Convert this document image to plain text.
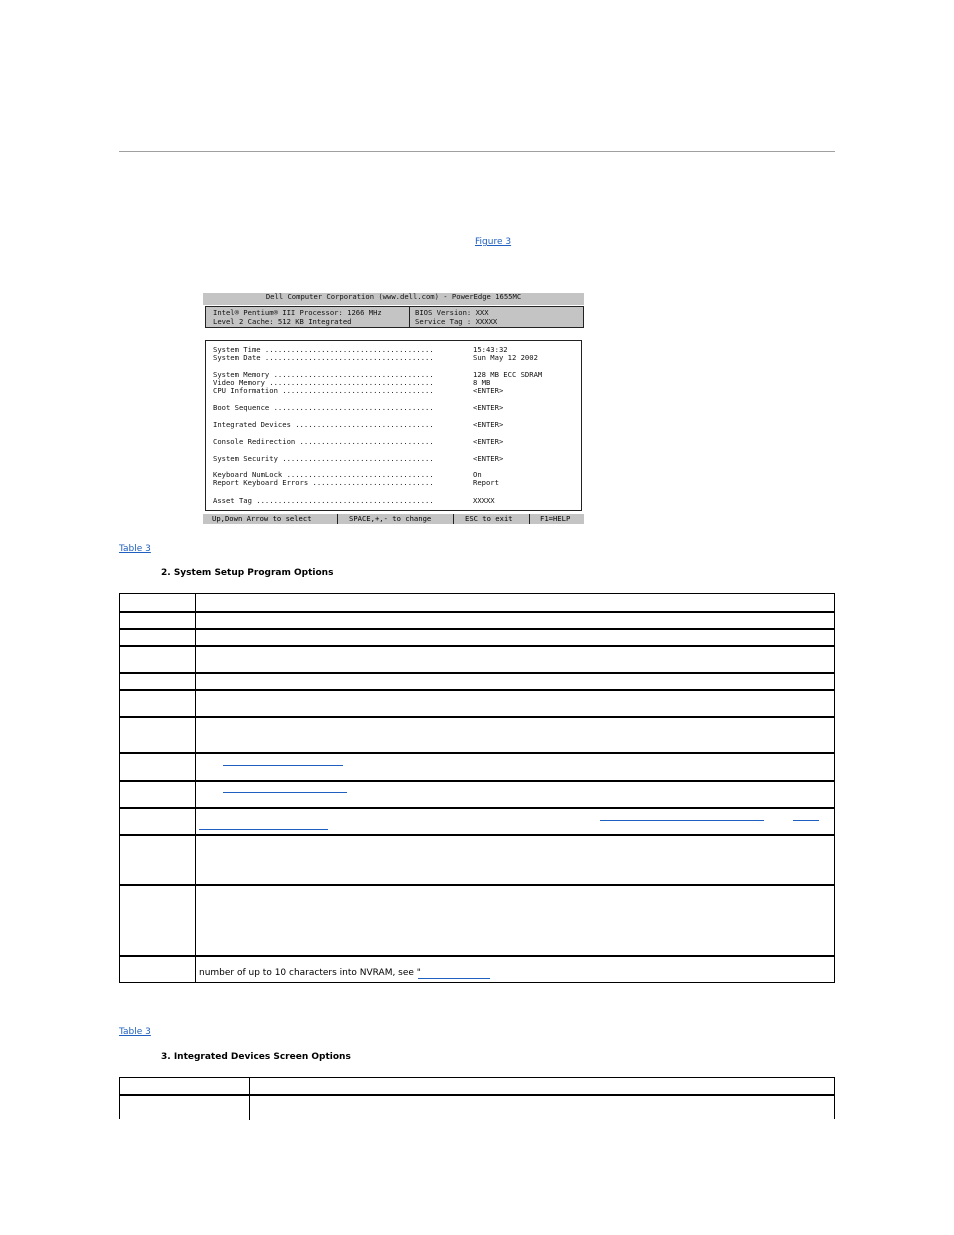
Figure 3
Dell Computer Corporation (www.dell.com) - PowerEdge 1655MC
Intel® Pentium® III Processor: 1266 MHz
Level 2 Cache: 512 KB Integrated
BIOS Version: XXX
Service Tag : XXXXX
System Time .......................................	15:43:32
System Date .......................................	Sun May 12 2002
System Memory .....................................	128 MB ECC SDRAM
Video Memory ......................................	8 MB
CPU Information ...................................	<ENTER>
Boot Sequence .....................................	<ENTER>
Integrated Devices ................................	<ENTER>
Console Redirection ...............................	<ENTER>
System Security ...................................	<ENTER>
Keyboard NumLock ..................................	On
Report Keyboard Errors ............................	Report
Asset Tag .........................................	XXXXX
Up,Down Arrow to select	SPACE,+,- to change	ESC to exit	F1=HELP
Table 3
2. System Setup Program Options
number of up to 10 characters into NVRAM, see "
Table 3
3. Integrated Devices Screen Options
